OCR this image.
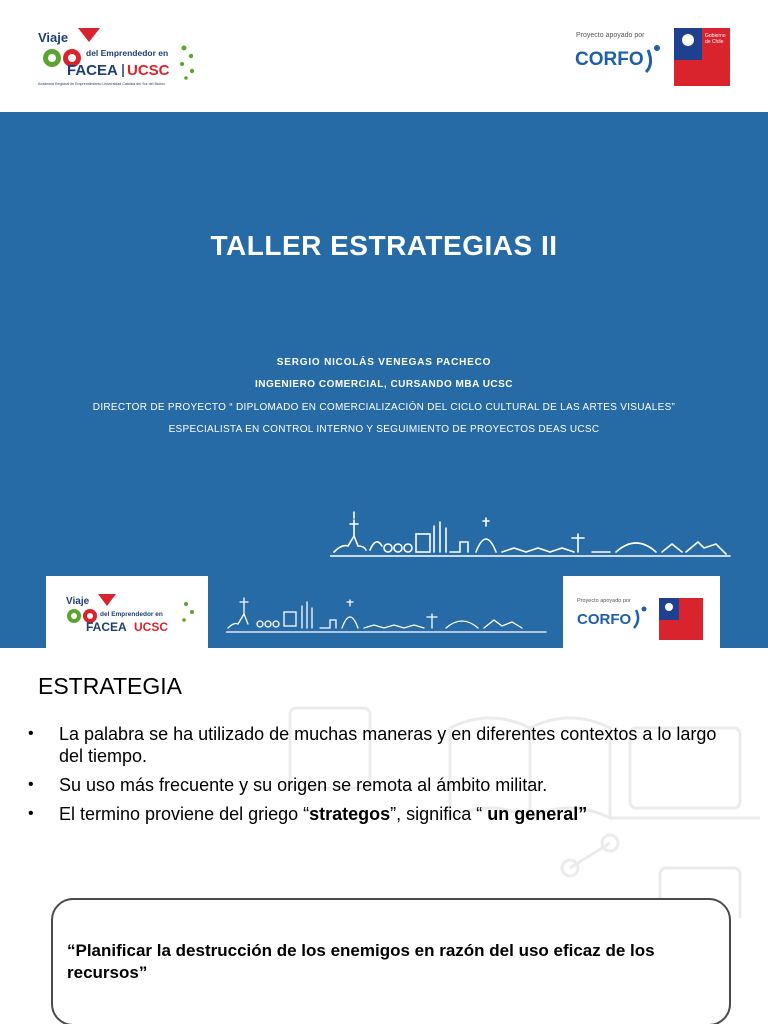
Viaje
del Emprendedor en
FACEA UCSC
Academia Regional de Emprendimiento Universidad Católica del Sur del Biobío
Proyecto apoyado por
CORFO
Gobierno
de Chile
TALLER ESTRATEGIAS II
SERGIO NICOLÁS VENEGAS PACHECO
INGENIERO COMERCIAL, CURSANDO MBA UCSC
DIRECTOR DE PROYECTO “ DIPLOMADO EN COMERCIALIZACIÓN DEL CICLO CULTURAL DE LAS ARTES VISUALES”
ESPECIALISTA EN CONTROL INTERNO Y SEGUIMIENTO DE PROYECTOS DEAS UCSC
Viaje
del Emprendedor en
FACEA UCSC
Proyecto apoyado por
CORFO
ESTRATEGIA
• La palabra se ha utilizado de muchas maneras y en diferentes contextos a lo largo del tiempo.
• Su uso más frecuente y su origen se remota al ámbito militar.
• El termino proviene del griego “strategos”, significa “ un general”
“Planificar la destrucción de los enemigos en razón del uso eficaz de los recursos”
